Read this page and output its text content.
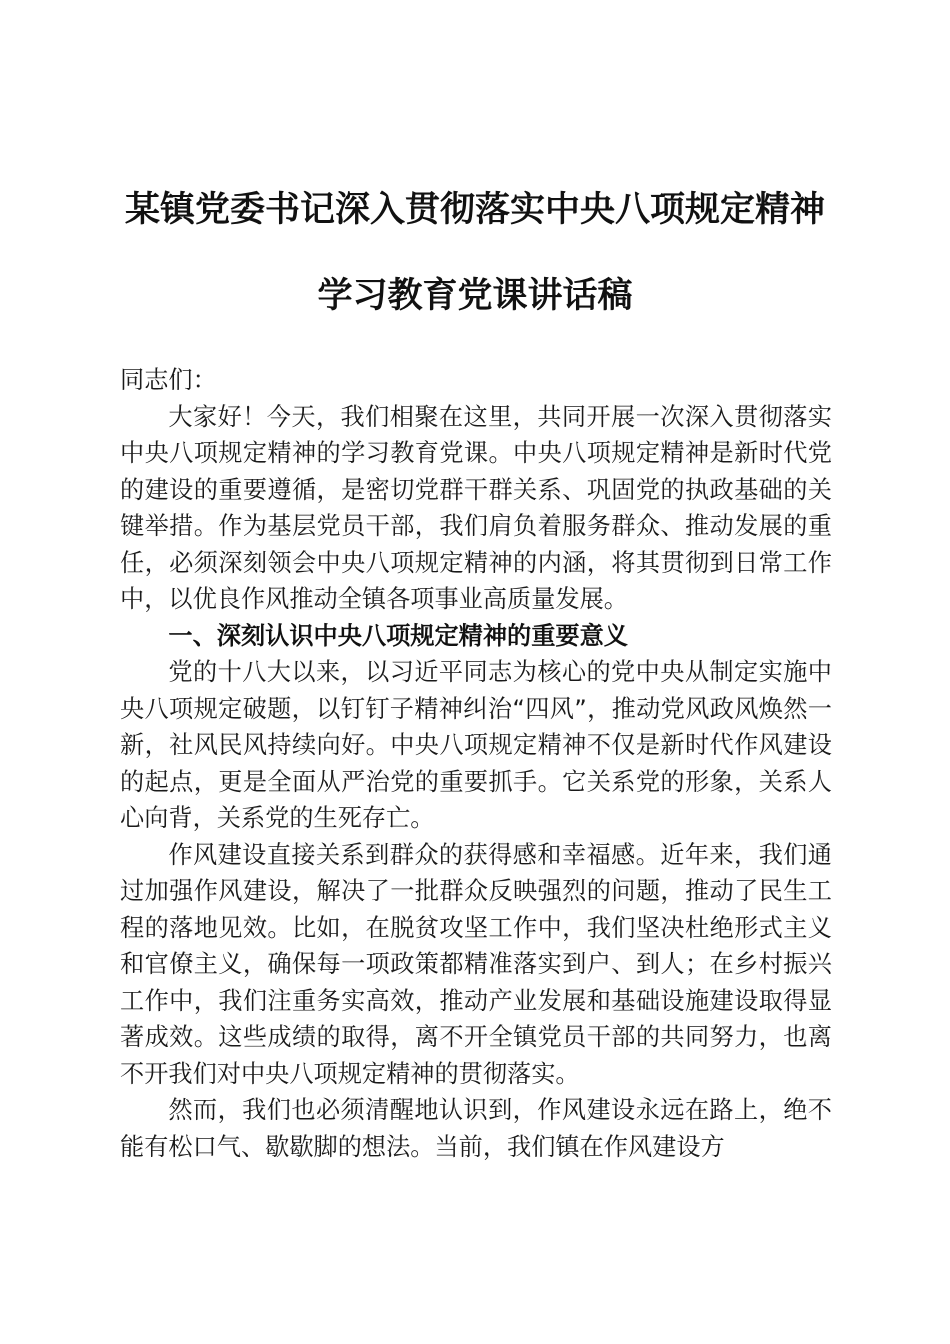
某镇党委书记深入贯彻落实中央八项规定精神

学习教育党课讲话稿

同志们：

大家好！今天，我们相聚在这里，共同开展一次深入贯彻落实中央八项规定精神的学习教育党课。中央八项规定精神是新时代党的建设的重要遵循，是密切党群干群关系、巩固党的执政基础的关键举措。作为基层党员干部，我们肩负着服务群众、推动发展的重任，必须深刻领会中央八项规定精神的内涵，将其贯彻到日常工作中，以优良作风推动全镇各项事业高质量发展。

一、深刻认识中央八项规定精神的重要意义

党的十八大以来，以习近平同志为核心的党中央从制定实施中央八项规定破题，以钉钉子精神纠治“四风”，推动党风政风焕然一新，社风民风持续向好。中央八项规定精神不仅是新时代作风建设的起点，更是全面从严治党的重要抓手。它关系党的形象，关系人心向背，关系党的生死存亡。

作风建设直接关系到群众的获得感和幸福感。近年来，我们通过加强作风建设，解决了一批群众反映强烈的问题，推动了民生工程的落地见效。比如，在脱贫攻坚工作中，我们坚决杜绝形式主义和官僚主义，确保每一项政策都精准落实到户、到人；在乡村振兴工作中，我们注重务实高效，推动产业发展和基础设施建设取得显著成效。这些成绩的取得，离不开全镇党员干部的共同努力，也离不开我们对中央八项规定精神的贯彻落实。

然而，我们也必须清醒地认识到，作风建设永远在路上，绝不能有松口气、歇歇脚的想法。当前，我们镇在作风建设方
